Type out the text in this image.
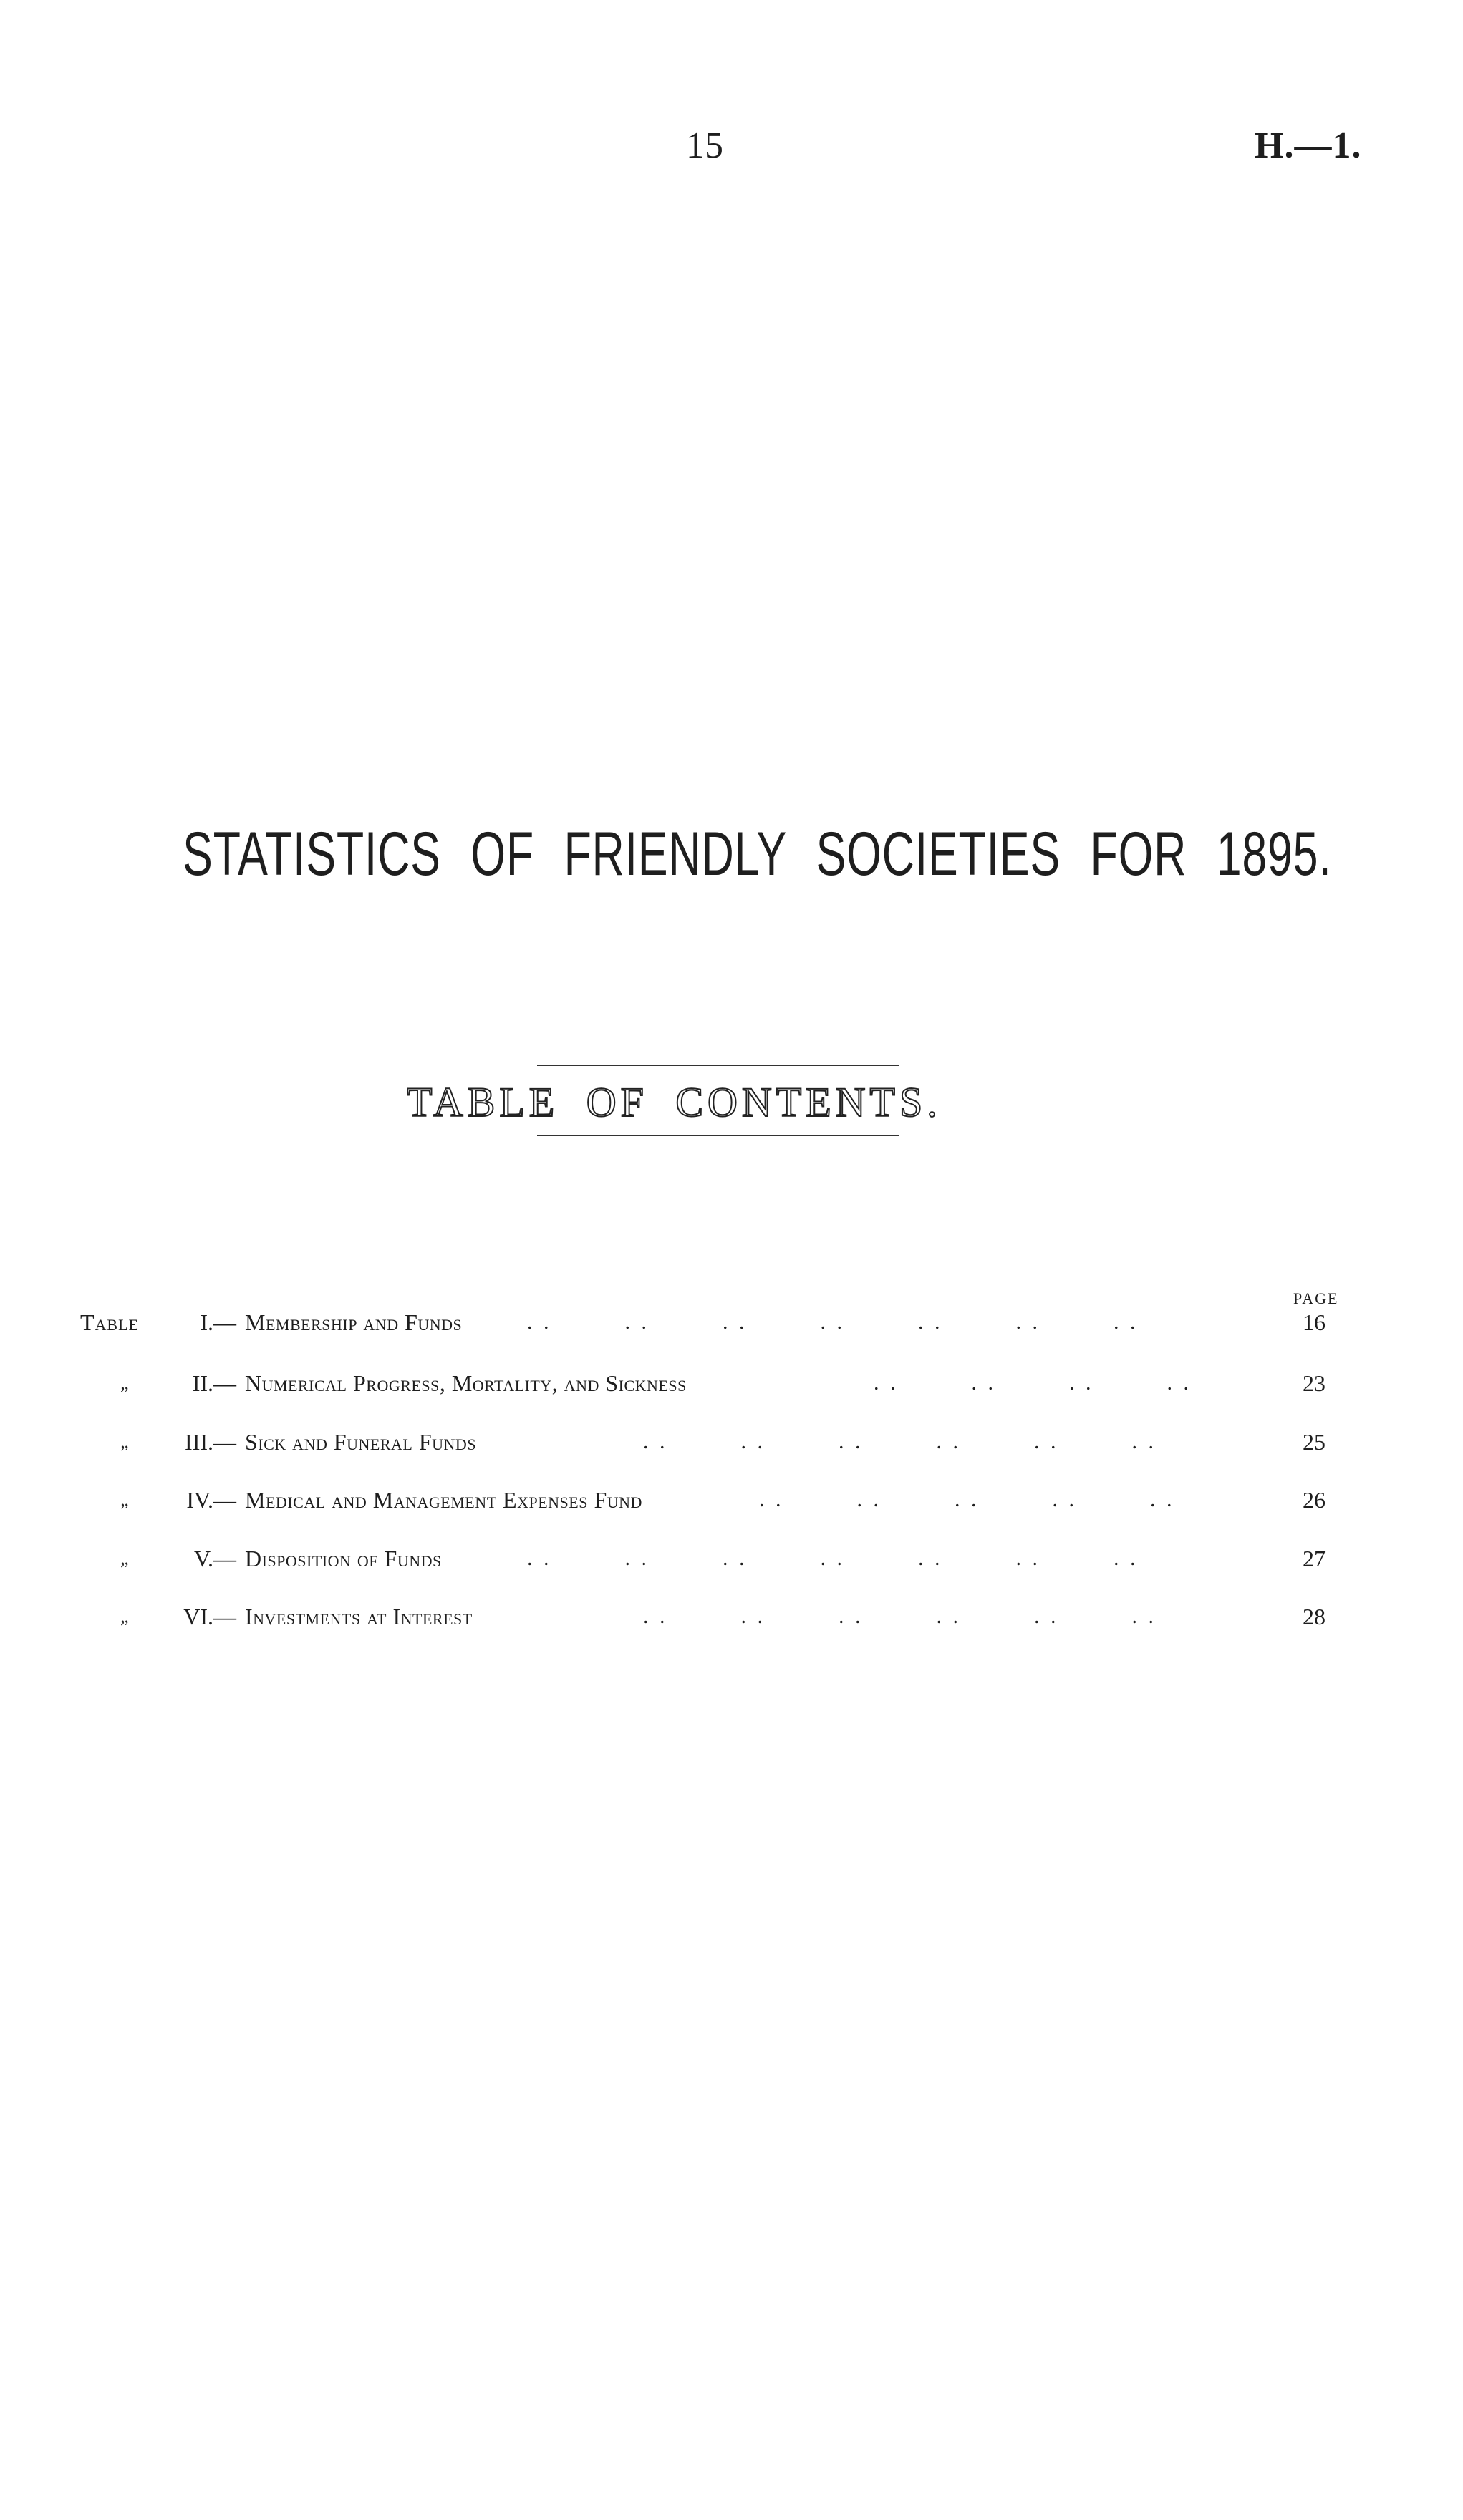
15	H.—1.
STATISTICS OF FRIENDLY SOCIETIES FOR 1895.
TABLE OF CONTENTS.
PAGE
Table	I.— Membership and Funds	. .   . .   . .   . .   . .   . .   . .	16
„	II.— Numerical Progress, Mortality, and Sickness	. .   . .   . .   . .	23
„	III.— Sick and Funeral Funds	. .   . .   . .   . .   . .   . .	25
„	IV.— Medical and Management Expenses Fund	. .   . .   . .   . .   . .	26
„	V.— Disposition of Funds	. .   . .   . .   . .   . .   . .   . .	27
„	VI.— Investments at Interest	. .   . .   . .   . .   . .   . .	28
